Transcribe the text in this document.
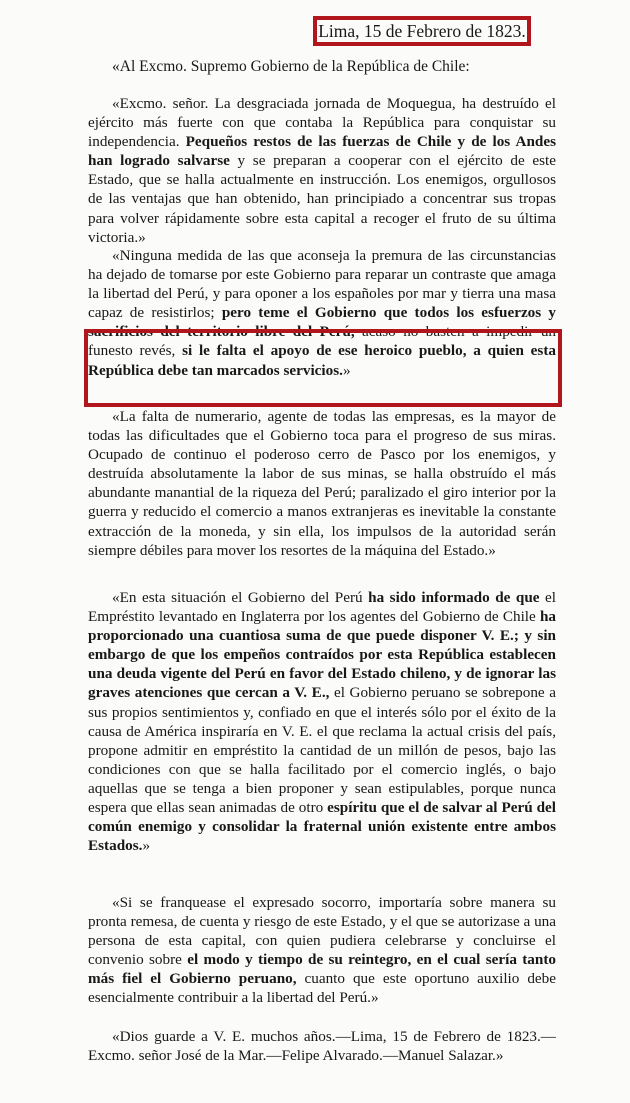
Lima, 15 de Febrero de 1823.
«Al Excmo. Supremo Gobierno de la República de Chile:

«Excmo. señor. La desgraciada jornada de Moquegua, ha destruído el ejército más fuerte con que contaba la República para conquistar su independencia. Pequeños restos de las fuerzas de Chile y de los Andes han logrado salvarse y se preparan a cooperar con el ejército de este Estado, que se halla actualmente en instrucción. Los enemigos, orgullosos de las ventajas que han obtenido, han principiado a concentrar sus tropas para volver rápidamente sobre esta capital a recoger el fruto de su última victoria.»

«Ninguna medida de las que aconseja la premura de las circunstancias ha dejado de tomarse por este Gobierno para reparar un contraste que amaga la libertad del Perú, y para oponer a los españoles por mar y tierra una masa capaz de resistirlos; pero teme el Gobierno que todos los esfuerzos y sacrificios del territorio libre del Perú, acaso no basten a impedir un funesto revés, si le falta el apoyo de ese heroico pueblo, a quien esta República debe tan marcados servicios.»

«La falta de numerario, agente de todas las empresas, es la mayor de todas las dificultades que el Gobierno toca para el progreso de sus miras. Ocupado de continuo el poderoso cerro de Pasco por los enemigos, y destruída absolutamente la labor de sus minas, se halla obstruído el más abundante manantial de la riqueza del Perú; paralizado el giro interior por la guerra y reducido el comercio a manos extranjeras es inevitable la constante extracción de la moneda, y sin ella, los impulsos de la autoridad serán siempre débiles para mover los resortes de la máquina del Estado.»

«En esta situación el Gobierno del Perú ha sido informado de que el Empréstito levantado en Inglaterra por los agentes del Gobierno de Chile ha proporcionado una cuantiosa suma de que puede disponer V. E.; y sin embargo de que los empeños contraídos por esta República establecen una deuda vigente del Perú en favor del Estado chileno, y de ignorar las graves atenciones que cercan a V. E., el Gobierno peruano se sobrepone a sus propios sentimientos y, confiado en que el interés sólo por el éxito de la causa de América inspiraría en V. E. el que reclama la actual crisis del país, propone admitir en empréstito la cantidad de un millón de pesos, bajo las condiciones con que se halla facilitado por el comercio inglés, o bajo aquellas que se tenga a bien proponer y sean estipulables, porque nunca espera que ellas sean animadas de otro espíritu que el de salvar al Perú del común enemigo y consolidar la fraternal unión existente entre ambos Estados.»

«Si se franquease el expresado socorro, importaría sobre manera su pronta remesa, de cuenta y riesgo de este Estado, y el que se autorizase a una persona de esta capital, con quien pudiera celebrarse y concluirse el convenio sobre el modo y tiempo de su reintegro, en el cual sería tanto más fiel el Gobierno peruano, cuanto que este oportuno auxilio debe esencialmente contribuir a la libertad del Perú.»

«Dios guarde a V. E. muchos años.—Lima, 15 de Febrero de 1823.—Excmo. señor José de la Mar.—Felipe Alvarado.—Manuel Salazar.»
